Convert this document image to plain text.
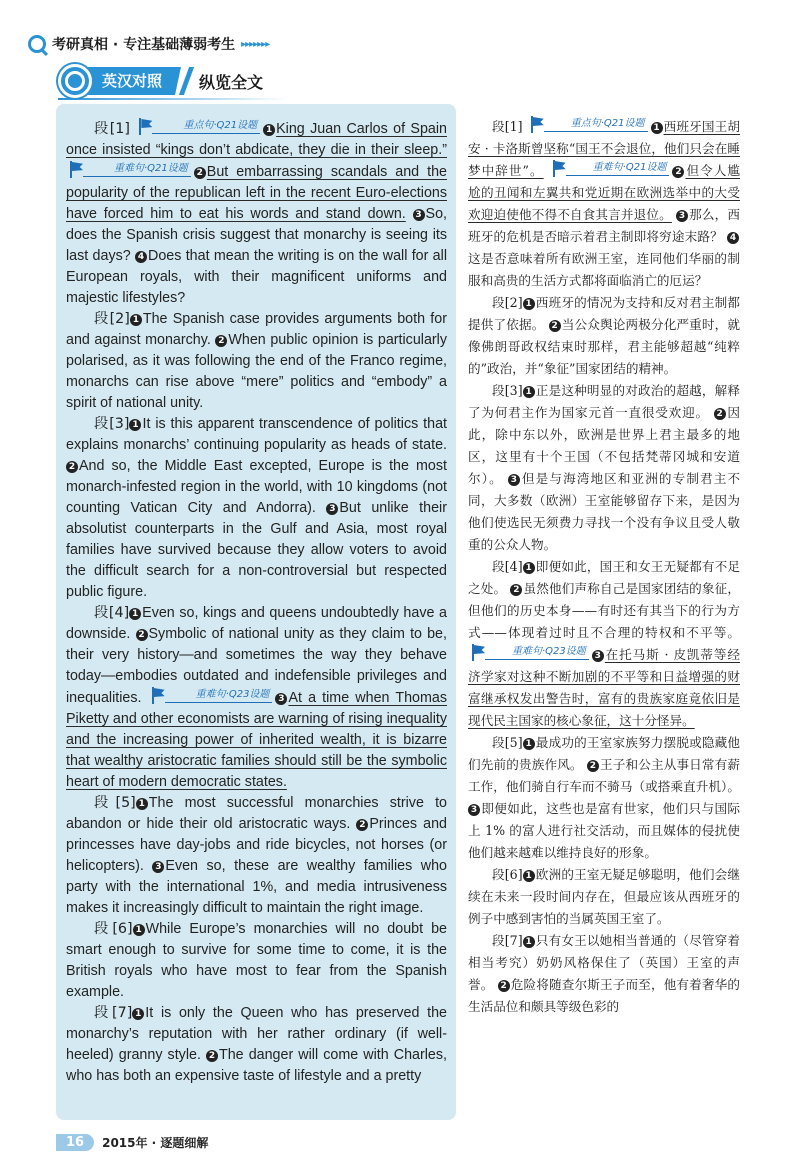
考研真相 · 专注基础薄弱考生 ▸▸▸▸▸▸▸
英汉对照	纵览全文

段[1]	重点句·Q21设题 1 King Juan Carlos of Spain once insisted “kings don’t abdicate, they die in their sleep.”
重难句·Q21设题 2 But embarrassing scandals and the popularity of the republican left in the recent Euro-elections have forced him to eat his words and stand down. 3 So, does the Spanish crisis suggest that monarchy is seeing its last days? 4 Does that mean the writing is on the wall for all European royals, with their magnificent uniforms and majestic lifestyles?

段[2] 1 The Spanish case provides arguments both for and against monarchy. 2 When public opinion is particularly polarised, as it was following the end of the Franco regime, monarchs can rise above “mere” politics and “embody” a spirit of national unity.

段[3] 1 It is this apparent transcendence of politics that explains monarchs’ continuing popularity as heads of state. 2 And so, the Middle East excepted, Europe is the most monarch-infested region in the world, with 10 kingdoms (not counting Vatican City and Andorra). 3 But unlike their absolutist counterparts in the Gulf and Asia, most royal families have survived because they allow voters to avoid the difficult search for a non-controversial but respected public figure.

段[4] 1 Even so, kings and queens undoubtedly have a downside. 2 Symbolic of national unity as they claim to be, their very history—and sometimes the way they behave today—embodies outdated and indefensible privileges and inequalities.	重难句·Q23设题 3 At a time when Thomas Piketty and other economists are warning of rising inequality and the increasing power of inherited wealth, it is bizarre that wealthy aristocratic families should still be the symbolic heart of modern democratic states.

段[5] 1 The most successful monarchies strive to abandon or hide their old aristocratic ways. 2 Princes and princesses have day-jobs and ride bicycles, not horses (or helicopters). 3 Even so, these are wealthy families who party with the international 1%, and media intrusiveness makes it increasingly difficult to maintain the right image.

段[6] 1 While Europe’s monarchies will no doubt be smart enough to survive for some time to come, it is the British royals who have most to fear from the Spanish example.

段[7] 1 It is only the Queen who has preserved the monarchy’s reputation with her rather ordinary (if well-heeled) granny style. 2 The danger will come with Charles, who has both an expensive taste of lifestyle and a pretty

段[1]	重点句·Q21设题 1 西班牙国王胡安 · 卡洛斯曾坚称“国王不会退位，他们只会在睡梦中辞世”。	重难句·Q21设题 2 但令人尴尬的丑闻和左翼共和党近期在欧洲选举中的大受欢迎迫使他不得不自食其言并退位。 3 那么，西班牙的危机是否暗示着君主制即将穷途末路？ 4这是否意味着所有欧洲王室，连同他们华丽的制服和高贵的生活方式都将面临消亡的厄运？

段[2] 1 西班牙的情况为支持和反对君主制都提供了依据。 2 当公众舆论两极分化严重时，就像佛朗哥政权结束时那样，君主能够超越“纯粹的”政治，并“象征”国家团结的精神。

段[3] 1 正是这种明显的对政治的超越，解释了为何君主作为国家元首一直很受欢迎。 2 因此，除中东以外，欧洲是世界上君主最多的地区，这里有十个王国（不包括梵蒂冈城和安道尔）。 3 但是与海湾地区和亚洲的专制君主不同，大多数（欧洲）王室能够留存下来，是因为他们使选民无须费力寻找一个没有争议且受人敬重的公众人物。

段[4] 1 即便如此，国王和女王无疑都有不足之处。 2 虽然他们声称自己是国家团结的象征，但他们的历史本身——有时还有其当下的行为方式——体现着过时且不合理的特权和不平等。
重难句·Q23设题 3 在托马斯 · 皮凯蒂等经济学家对这种不断加剧的不平等和日益增强的财富继承权发出警告时，富有的贵族家庭竟依旧是现代民主国家的核心象征，这十分怪异。

段[5] 1 最成功的王室家族努力摆脱或隐藏他们先前的贵族作风。 2 王子和公主从事日常有薪工作，他们骑自行车而不骑马（或搭乘直升机）。 3 即便如此，这些也是富有世家，他们只与国际上 1% 的富人进行社交活动，而且媒体的侵扰使他们越来越难以维持良好的形象。

段[6] 1 欧洲的王室无疑足够聪明，他们会继续在未来一段时间内存在，但最应该从西班牙的例子中感到害怕的当属英国王室了。

段[7] 1 只有女王以她相当普通的（尽管穿着相当考究）奶奶风格保住了（英国）王室的声誉。 2 危险将随查尔斯王子而至，他有着奢华的生活品位和颇具等级色彩的

16	2015年 · 逐题细解
